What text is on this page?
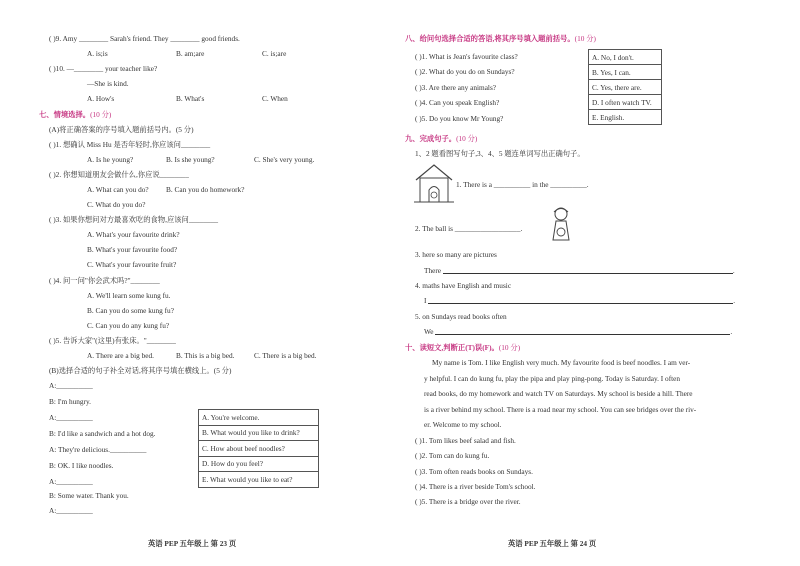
( )9. Amy ________ Sarah's friend. They ________ good friends.
A. is;is	B. am;are	C. is;are
( )10. —________ your teacher like?
—She is kind.
A. How's	B. What's	C. When
七、情境选择。(10 分)
(A)将正确答案的序号填入题前括号内。(5 分)
( )1. 想确认 Miss Hu 是否年轻时,你应该问________
A. Is he young?	B. Is she young?	C. She's very young.
( )2. 你想知道朋友会做什么,你应说________
A. What can you do? B. Can you do homework?
C. What do you do?
( )3. 如果你想问对方最喜欢吃的食物,应该问________
A. What's your favourite drink?
B. What's your favourite food?
C. What's your favourite fruit?
( )4. 问一问"你会武术吗?"________
A. We'll learn some kung fu.
B. Can you do some kung fu?
C. Can you do any kung fu?
( )5. 告诉大家"(这里)有张床。"________
A. There are a big bed.	B. This is a big bed.	C. There is a big bed.
(B)选择合适的句子补全对话,将其序号填在横线上。(5 分)
A:__________
B: I'm hungry.
A:__________
B: I'd like a sandwich and a hot dog.
A: They're delicious.__________
B: OK. I like noodles.
A:__________
B: Some water. Thank you.
A:__________
A. You're welcome.
B. What would you like to drink?
C. How about beef noodles?
D. How do you feel?
E. What would you like to eat?
英语 PEP 五年级上 第 23 页
八、给问句选择合适的答语,将其序号填入题前括号。(10 分)
( )1. What is Jean's favourite class?
( )2. What do you do on Sundays?
( )3. Are there any animals?
( )4. Can you speak English?
( )5. Do you know Mr Young?
A. No, I don't.
B. Yes, I can.
C. Yes, there are.
D. I often watch TV.
E. English.
九、完成句子。(10 分)
1、2 题看图写句子,3、4、5 题连单词写出正确句子。
1. There is a __________ in the __________.
2. The ball is __________________.
3. here so many are pictures
There	.
4. maths have English and music
I	.
5. on Sundays read books often
We	.
十、读短文,判断正(T)误(F)。(10 分)
My name is Tom. I like English very much. My favourite food is beef noodles. I am ver-
y helpful. I can do kung fu, play the pipa and play ping-pong. Today is Saturday. I often
read books, do my homework and watch TV on Saturdays. My school is beside a hill. There
is a river behind my school. There is a road near my school. You can see bridges over the riv-
er. Welcome to my school.
( )1. Tom likes beef salad and fish.
( )2. Tom can do kung fu.
( )3. Tom often reads books on Sundays.
( )4. There is a river beside Tom's school.
( )5. There is a bridge over the river.
英语 PEP 五年级上 第 24 页
